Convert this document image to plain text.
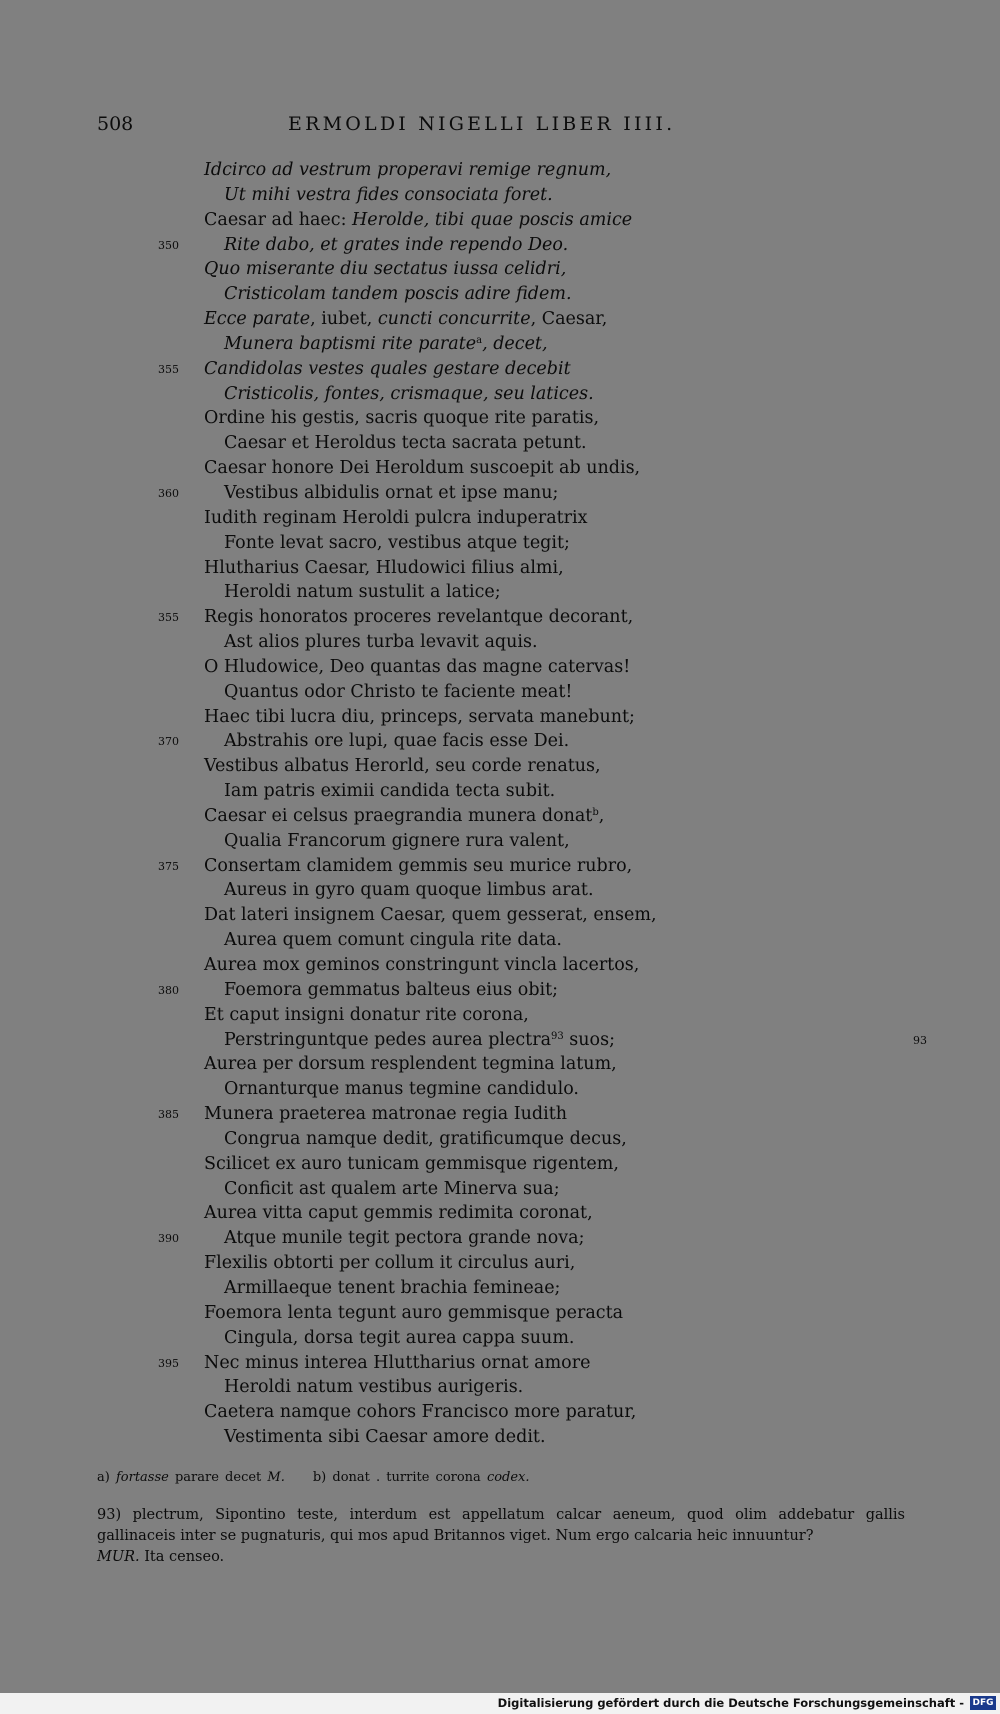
508	ERMOLDI NIGELLI LIBER IIII.
Idcirco ad vestrum properavi remige regnum,
Ut mihi vestra fides consociata foret.
Caesar ad haec: Herolde, tibi quae poscis amice
350	Rite dabo, et grates inde rependo Deo.
Quo miserante diu sectatus iussa celidri,
Cristicolam tandem poscis adire fidem.
Ecce parate, iubet, cuncti concurrite, Caesar,
Munera baptismi rite parate$^a$, decet,
355 Candidolas vestes quales gestare decebit
Cristicolis, fontes, crismaque, seu latices.
Ordine his gestis, sacris quoque rite paratis,
Caesar et Heroldus tecta sacrata petunt.
Caesar honore Dei Heroldum suscoepit ab undis,
360	Vestibus albidulis ornat et ipse manu;
Iudith reginam Heroldi pulcra induperatrix
Fonte levat sacro, vestibus atque tegit;
Hlutharius Caesar, Hludowici filius almi,
Heroldi natum sustulit a latice;
355 Regis honoratos proceres revelantque decorant,
Ast alios plures turba levavit aquis.
O Hludowice, Deo quantas das magne catervas!
Quantus odor Christo te faciente meat!
Haec tibi lucra diu, princeps, servata manebunt;
370	Abstrahis ore lupi, quae facis esse Dei.
Vestibus albatus Herorld, seu corde renatus,
Iam patris eximii candida tecta subit.
Caesar ei celsus praegrandia munera donat$^b$,
Qualia Francorum gignere rura valent,
375 Consertam clamidem gemmis seu murice rubro,
Aureus in gyro quam quoque limbus arat.
Dat lateri insignem Caesar, quem gesserat, ensem,
Aurea quem comunt cingula rite data.
Aurea mox geminos constringunt vincla lacertos,
380	Foemora gemmatus balteus eius obit;
Et caput insigni donatur rite corona,
Perstringuntque pedes aurea plectra$^{93}$ suos;	93
Aurea per dorsum resplendent tegmina latum,
Ornanturque manus tegmine candidulo.
385 Munera praeterea matronae regia Iudith
Congrua namque dedit, gratificumque decus,
Scilicet ex auro tunicam gemmisque rigentem,
Conficit ast qualem arte Minerva sua;
Aurea vitta caput gemmis redimita coronat,
390	Atque munile tegit pectora grande nova;
Flexilis obtorti per collum it circulus auri,
Armillaeque tenent brachia femineae;
Foemora lenta tegunt auro gemmisque peracta
Cingula, dorsa tegit aurea cappa suum.
395 Nec minus interea Hluttharius ornat amore
Heroldi natum vestibus aurigeris.
Caetera namque cohors Francisco more paratur,
Vestimenta sibi Caesar amore dedit.
a) fortasse parare decet M. b) donat . turrite corona codex.
93) plectrum, Sipontino teste, interdum est appellatum calcar aeneum, quod olim addebatur gallis gallinaceis inter se pugnaturis, qui mos apud Britannos viget. Num ergo calcaria heic innuuntur?
MUR. Ita censeo.
Digitalisierung gefördert durch die Deutsche Forschungsgemeinschaft - DFG
